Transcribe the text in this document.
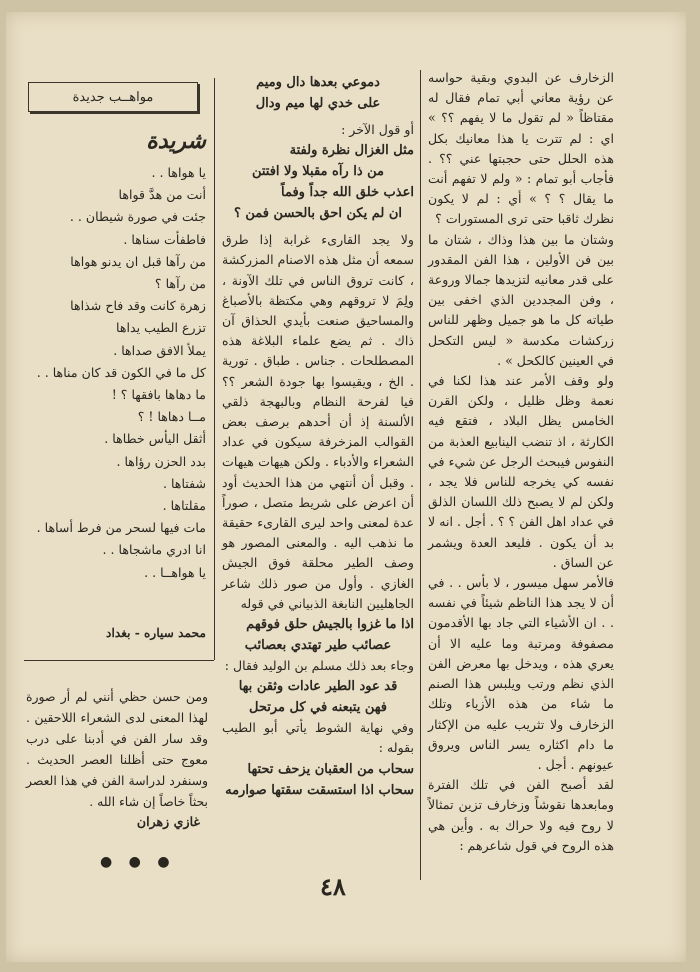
الزخارف عن البدوي وبقية حواسه عن رؤية معاني أبي تمام فقال له مقتاظاً « لم تقول ما لا يفهم ؟؟ » اي : لم تترت يا هذا معانيك بكل هذه الحلل حتى حجبتها عني ؟؟ . فأجاب أبو تمام : « ولم لا تفهم أنت ما يقال ؟ ؟ » أي : لم لا يكون نظرك ثاقبا حتى ترى المستورات ؟

وشتان ما بين هذا وذاك ، شتان ما بين فن الأولين ، هذا الفن المقدور على قدر معانيه لتزيدها جمالا وروعة ، وفن المجددين الذي اخفى بين طياته كل ما هو جميل وظهر للناس زركشات مكدسة « ليس التكحل في العينين كالكحل » .

ولو وقف الأمر عند هذا لكنا في نعمة وظل ظليل ، ولكن القرن الخامس يظل البلاد ، فتقع فيه الكارثة ، اذ تنضب الينابيع العذبة من النفوس فيبحث الرجل عن شيء في نفسه كي يخرجه للناس فلا يجد ، ولكن لم لا يصبح ذلك اللسان الذلق في عداد اهل الفن ؟ ؟ . أجل . انه لا بد أن يكون . فليعد العدة ويشمر عن الساق .

فالأمر سهل ميسور ، لا بأس . . في أن لا يجد هذا الناظم شيئاً في نفسه . . ان الأشياء التي جاد بها الأقدمون مصفوفة ومرتبة وما عليه الا أن يعري هذه ، ويدخل بها معرض الفن الذي نظم ورتب ويلبس هذا الصنم ما شاء من هذه الأزياء وتلك الزخارف ولا تثريب عليه من الإكثار ما دام اكثاره يسر الناس ويروق عيونهم . أجل .

لقد أصبح الفن في تلك الفترة ومابعدها نقوشاً وزخارف تزين تمثالاً لا روح فيه ولا حراك به . وأين هي هذه الروح في قول شاعرهم :

دموعي بعدها دال وميم

على خدي لها ميم ودال

أو قول الآخر :

مثل الغزال نظرة ولفتة

من ذا رآه مقبلا ولا افتتن

اعذب خلق الله جداً وفماً

ان لم يكن احق بالحسن فمن ؟

ولا يجد القارىء غرابة إذا طرق سمعه أن مثل هذه الاصنام المزركشة ، كانت تروق الناس في تلك الآونة ، ولِمَ لا تروقهم وهي مكتظة بالأصباغ والمساحيق صنعت بأيدي الحذاق آن ذاك . ثم يضع علماء البلاغة هذه المصطلحات . جناس . طباق . تورية . الخ ، ويقيسوا بها جودة الشعر ؟؟ فيا لفرحة النظام وبالبهجة ذلقي الألسنة إذ أن أحدهم برصف بعض القوالب المزخرفة سيكون في عداد الشعراء والأدباء . ولكن هيهات هيهات . وقبل أن أنتهي من هذا الحديث أود أن اعرض على شريط متصل ، صوراً عدة لمعنى واحد ليرى القارىء حقيقة ما نذهب اليه . والمعنى المصور هو وصف الطير محلقة فوق الجيش الغازي . وأول من صور ذلك شاعر الجاهليين النابغة الذبياني في قوله

اذا ما غزوا بالجيش حلق فوقهم

عصائب طير تهتدي بعصائب

وجاء بعد ذلك مسلم بن الوليد فقال :

قد عود الطير عادات وثقن بها

فهن يتبعنه في كل مرتحل

وفي نهاية الشوط يأتي أبو الطيب بقوله :

سحاب من العقبان يزحف تحتها

سحاب اذا استسقت سقتها صوارمه

مواهــب جديدة
شريدة

يا هواها . .

أنت من هدَّ قواها

جئت في صورة شيطان . .

فاطفأت سناها .

من رآها قبل ان يدنو هواها

من رآها ؟

زهرة كانت وقد فاح شذاها

تزرع الطيب يداها

يملأ الافق صداها .

كل ما في الكون قد كان مناها . .

ما دهاها بافقها ؟ !

مــا دهاها ! ؟

أثقل اليأس خطاها .

بدد الحزن رؤاها .

شفتاها .

مقلتاها .

مات فيها لسحر من فرط أساها .

انا ادري ماشجاها . .

يا هواهــا . .

محمد سياره - بغداد

ومن حسن حظي أنني لم أر صورة لهذا المعنى لدى الشعراء اللاحقين . وقد سار الفن في أدبنا على درب معوج حتى أظلنا العصر الحديث . وسنفرد لدراسة الفن في هذا العصر بحثاً خاصاً إن شاء الله .

غازي زهران
● ● ●
٤٨
